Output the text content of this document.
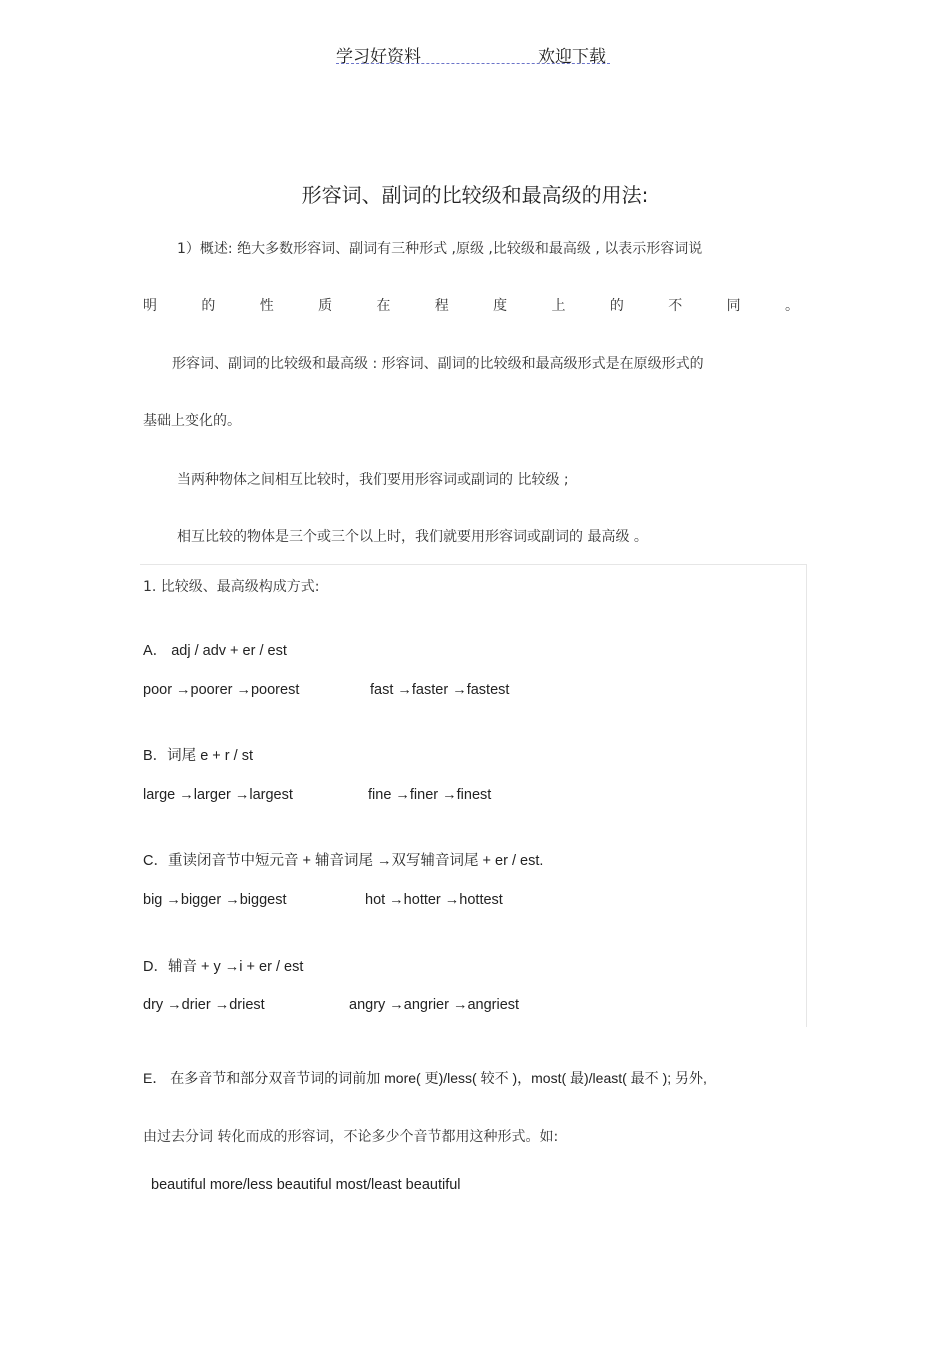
学习好资料	欢迎下载
形容词、副词的比较级和最高级的用法:
1）概述: 绝大多数形容词、副词有三种形式 ,原级 ,比较级和最高级 , 以表示形容词说
明	的	性	质	在	程	度	上	的	不	同	。
形容词、副词的比较级和最高级 : 形容词、副词的比较级和最高级形式是在原级形式的
基础上变化的。
当两种物体之间相互比较时，我们要用形容词或副词的 比较级 ;
相互比较的物体是三个或三个以上时，我们就要用形容词或副词的 最高级 。
1. 比较级、最高级构成方式:
A． adj / adv + er / est
poor →poorer →poorest	fast →faster →fastest
B．词尾 e + r / st
large →larger →largest	fine →finer →finest
C．重读闭音节中短元音 + 辅音词尾 →双写辅音词尾 + er / est.
big →bigger →biggest	hot →hotter →hottest
D．辅音 + y →i + er / est
dry →drier →driest	angry →angrier →angriest
E． 在多音节和部分双音节词的词前加 more( 更)/less( 较不 )，most( 最)/least( 最不 ); 另外,
由过去分词 转化而成的形容词，不论多少个音节都用这种形式。如:
beautiful more/less beautiful most/least beautiful
